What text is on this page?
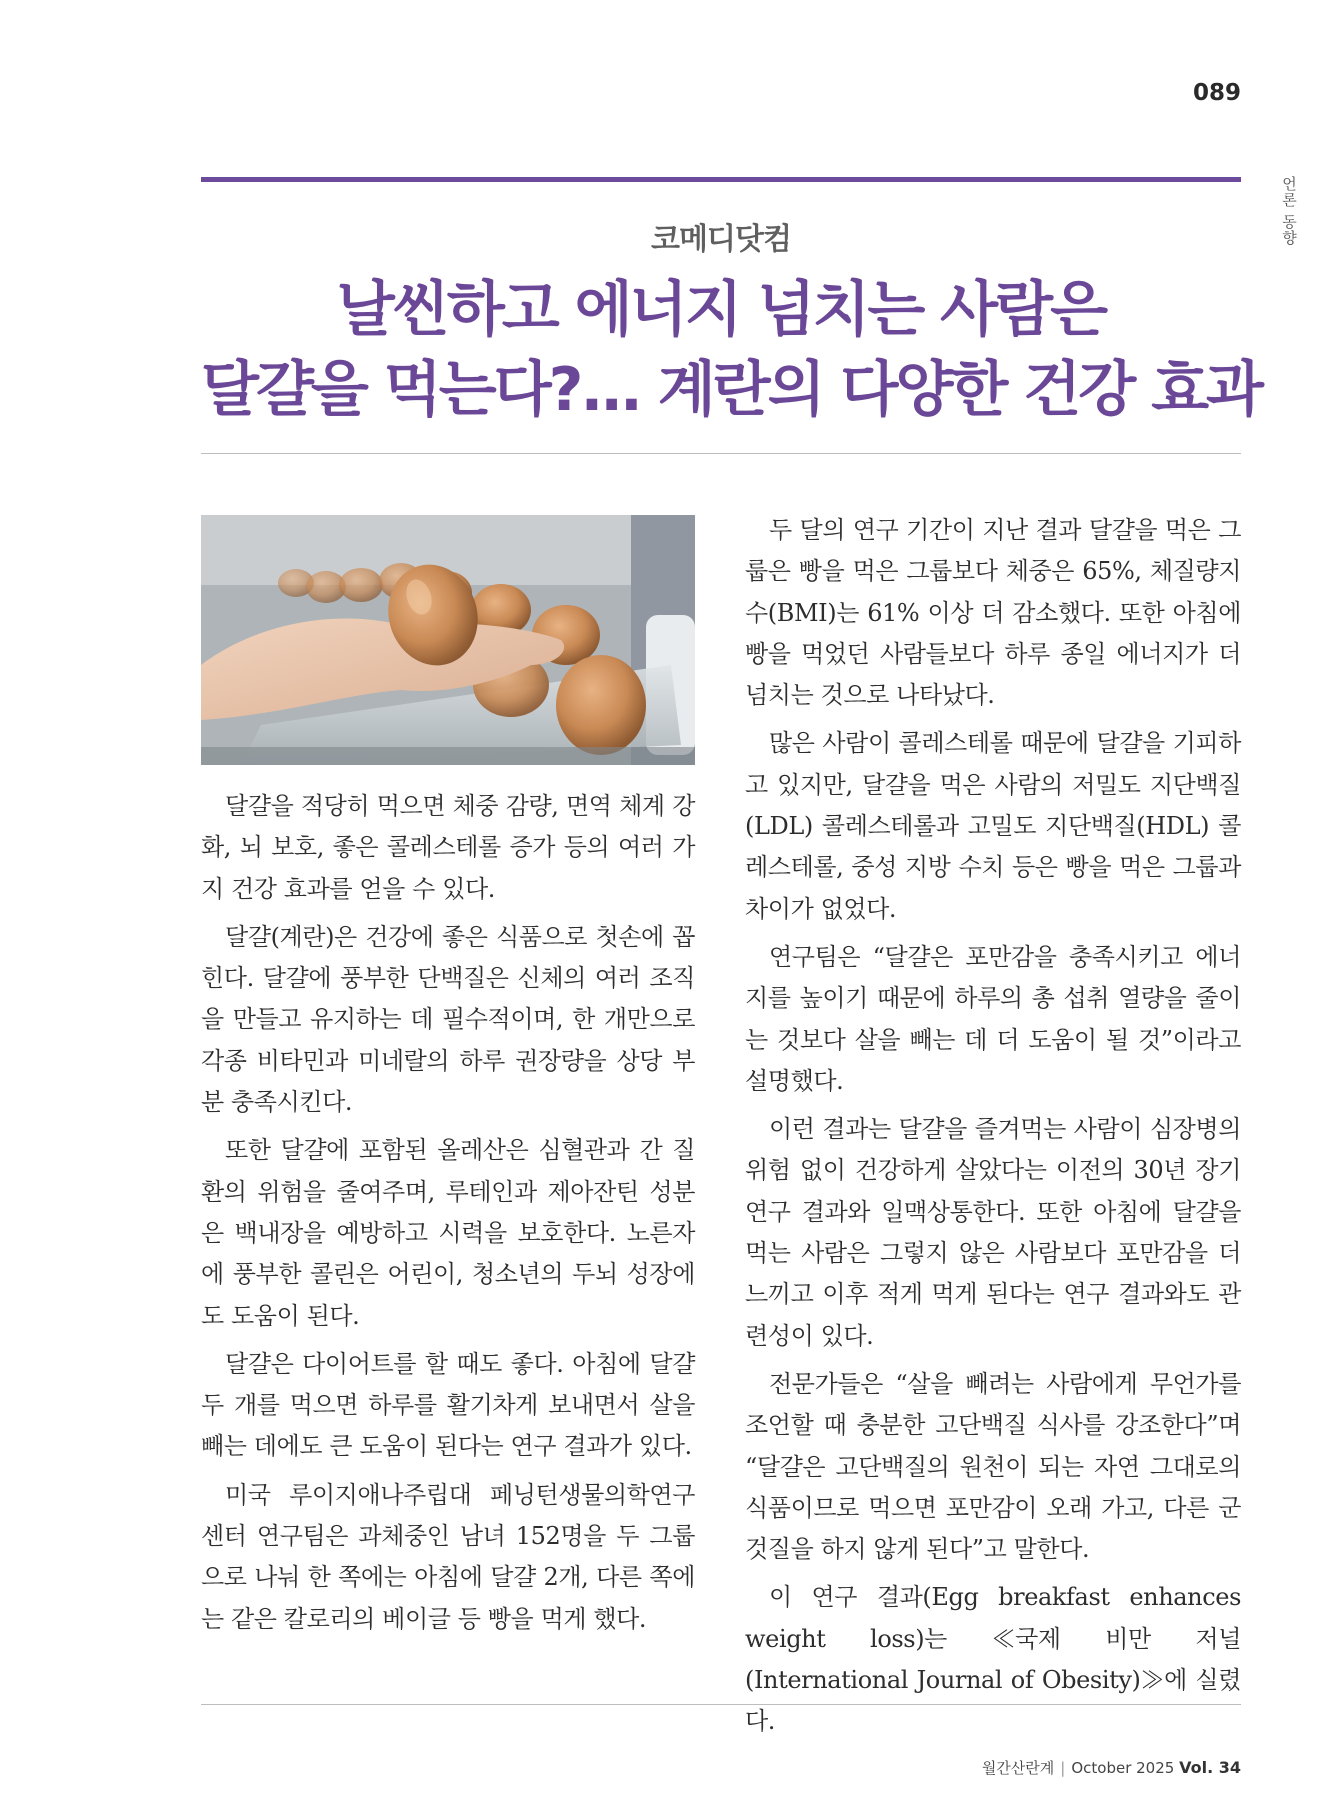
089
언론 동향
코메디닷컴
날씬하고 에너지 넘치는 사람은
달걀을 먹는다?... 계란의 다양한 건강 효과

달걀을 적당히 먹으면 체중 감량, 면역 체계 강화, 뇌 보호, 좋은 콜레스테롤 증가 등의 여러 가지 건강 효과를 얻을 수 있다.

달걀(계란)은 건강에 좋은 식품으로 첫손에 꼽힌다. 달걀에 풍부한 단백질은 신체의 여러 조직을 만들고 유지하는 데 필수적이며, 한 개만으로 각종 비타민과 미네랄의 하루 권장량을 상당 부분 충족시킨다.

또한 달걀에 포함된 올레산은 심혈관과 간 질환의 위험을 줄여주며, 루테인과 제아잔틴 성분은 백내장을 예방하고 시력을 보호한다. 노른자에 풍부한 콜린은 어린이, 청소년의 두뇌 성장에도 도움이 된다.

달걀은 다이어트를 할 때도 좋다. 아침에 달걀 두 개를 먹으면 하루를 활기차게 보내면서 살을 빼는 데에도 큰 도움이 된다는 연구 결과가 있다.

미국 루이지애나주립대 페닝턴생물의학연구센터 연구팀은 과체중인 남녀 152명을 두 그룹으로 나눠 한 쪽에는 아침에 달걀 2개, 다른 쪽에는 같은 칼로리의 베이글 등 빵을 먹게 했다.

두 달의 연구 기간이 지난 결과 달걀을 먹은 그룹은 빵을 먹은 그룹보다 체중은 65%, 체질량지수(BMI)는 61% 이상 더 감소했다. 또한 아침에 빵을 먹었던 사람들보다 하루 종일 에너지가 더 넘치는 것으로 나타났다.

많은 사람이 콜레스테롤 때문에 달걀을 기피하고 있지만, 달걀을 먹은 사람의 저밀도 지단백질(LDL) 콜레스테롤과 고밀도 지단백질(HDL) 콜레스테롤, 중성 지방 수치 등은 빵을 먹은 그룹과 차이가 없었다.

연구팀은 “달걀은 포만감을 충족시키고 에너지를 높이기 때문에 하루의 총 섭취 열량을 줄이는 것보다 살을 빼는 데 더 도움이 될 것”이라고 설명했다.

이런 결과는 달걀을 즐겨먹는 사람이 심장병의 위험 없이 건강하게 살았다는 이전의 30년 장기 연구 결과와 일맥상통한다. 또한 아침에 달걀을 먹는 사람은 그렇지 않은 사람보다 포만감을 더 느끼고 이후 적게 먹게 된다는 연구 결과와도 관련성이 있다.

전문가들은 “살을 빼려는 사람에게 무언가를 조언할 때 충분한 고단백질 식사를 강조한다”며 “달걀은 고단백질의 원천이 되는 자연 그대로의 식품이므로 먹으면 포만감이 오래 가고, 다른 군것질을 하지 않게 된다”고 말한다.

이 연구 결과(Egg breakfast enhances weight loss)는 ≪국제 비만 저널(International Journal of Obesity)≫에 실렸다.

월간산란계 | October 2025 Vol. 34
